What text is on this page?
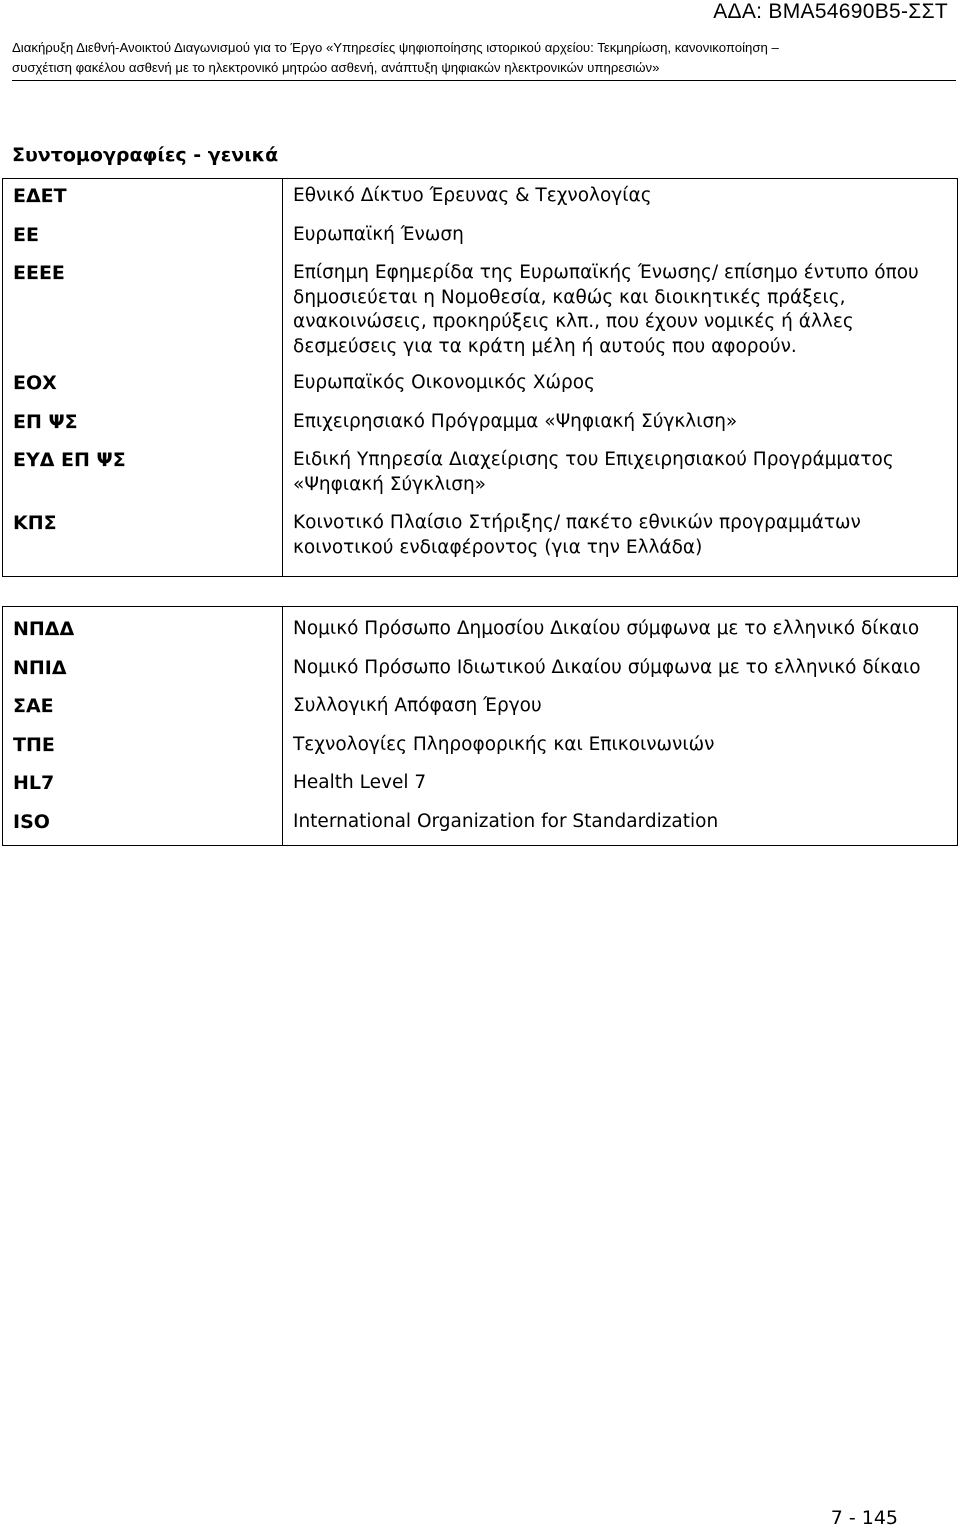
ΑΔΑ: ΒΜΑ54690Β5-ΣΣΤ
Διακήρυξη Διεθνή-Ανοικτού Διαγωνισμού για το Έργο «Υπηρεσίες ψηφιοποίησης ιστορικού αρχείου: Τεκμηρίωση, κανονικοποίηση –
συσχέτιση φακέλου ασθενή με το ηλεκτρονικό μητρώο ασθενή, ανάπτυξη ψηφιακών ηλεκτρονικών υπηρεσιών»
Συντομογραφίες - γενικά
ΕΔΕΤ	Εθνικό Δίκτυο Έρευνας & Τεχνολογίας
ΕΕ	Ευρωπαϊκή Ένωση
ΕΕΕΕ	Επίσημη Εφημερίδα της Ευρωπαϊκής Ένωσης/ επίσημο έντυπο όπου δημοσιεύεται η Νομοθεσία, καθώς και διοικητικές πράξεις, ανακοινώσεις, προκηρύξεις κλπ., που έχουν νομικές ή άλλες δεσμεύσεις για τα κράτη μέλη ή αυτούς που αφορούν.
ΕΟΧ	Ευρωπαϊκός Οικονομικός Χώρος
ΕΠ ΨΣ	Επιχειρησιακό Πρόγραμμα «Ψηφιακή Σύγκλιση»
ΕΥΔ ΕΠ ΨΣ	Ειδική Υπηρεσία Διαχείρισης του Επιχειρησιακού Προγράμματος «Ψηφιακή Σύγκλιση»
ΚΠΣ	Κοινοτικό Πλαίσιο Στήριξης/ πακέτο εθνικών προγραμμάτων κοινοτικού ενδιαφέροντος (για την Ελλάδα)
ΝΠΔΔ	Νομικό Πρόσωπο Δημοσίου Δικαίου σύμφωνα με το ελληνικό δίκαιο
ΝΠΙΔ	Νομικό Πρόσωπο Ιδιωτικού Δικαίου σύμφωνα με το ελληνικό δίκαιο
ΣΑΕ	Συλλογική Απόφαση Έργου
ΤΠΕ	Τεχνολογίες Πληροφορικής και Επικοινωνιών
HL7	Health Level 7
ISO	International Organization for Standardization
7 - 145
